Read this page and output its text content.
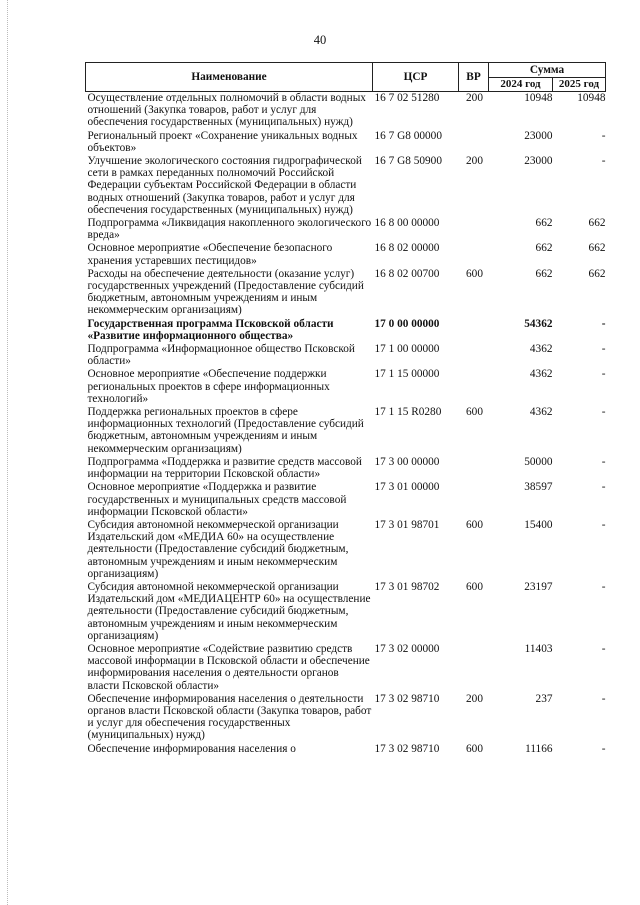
40
Наименование	ЦСР	ВР	Сумма	
			2024 год	2025 год
Осуществление отдельных полномочий в области водных отношений (Закупка товаров, работ и услуг для обеспечения государственных (муниципальных) нужд)	16 7 02 51280	200	10948	10948
Региональный проект «Сохранение уникальных водных объектов»	16 7 G8 00000		23000	-
Улучшение экологического состояния гидрографической сети в рамках переданных полномочий Российской Федерации субъектам Российской Федерации в области водных отношений (Закупка товаров, работ и услуг для обеспечения государственных (муниципальных) нужд)	16 7 G8 50900	200	23000	-
Подпрограмма «Ликвидация накопленного экологического вреда»	16 8 00 00000		662	662
Основное мероприятие «Обеспечение безопасного хранения устаревших пестицидов»	16 8 02 00000		662	662
Расходы на обеспечение деятельности (оказание услуг) государственных учреждений (Предоставление субсидий бюджетным, автономным учреждениям и иным некоммерческим организациям)	16 8 02 00700	600	662	662
Государственная программа Псковской области «Развитие информационного общества»	17 0 00 00000		54362	-
Подпрограмма «Информационное общество Псковской области»	17 1 00 00000		4362	-
Основное мероприятие «Обеспечение поддержки региональных проектов в сфере информационных технологий»	17 1 15 00000		4362	-
Поддержка региональных проектов в сфере информационных технологий (Предоставление субсидий бюджетным, автономным учреждениям и иным некоммерческим организациям)	17 1 15 R0280	600	4362	-
Подпрограмма «Поддержка и развитие средств массовой информации на территории Псковской области»	17 3 00 00000		50000	-
Основное мероприятие «Поддержка и развитие государственных и муниципальных средств массовой информации Псковской области»	17 3 01 00000		38597	-
Субсидия автономной некоммерческой организации Издательский дом «МЕДИА 60» на осуществление деятельности (Предоставление субсидий бюджетным, автономным учреждениям и иным некоммерческим организациям)	17 3 01 98701	600	15400	-
Субсидия автономной некоммерческой организации Издательский дом «МЕДИАЦЕНТР 60» на осуществление деятельности (Предоставление субсидий бюджетным, автономным учреждениям и иным некоммерческим организациям)	17 3 01 98702	600	23197	-
Основное мероприятие «Содействие развитию средств массовой информации в Псковской области и обеспечение информирования населения о деятельности органов власти Псковской области»	17 3 02 00000		11403	-
Обеспечение информирования населения о деятельности органов власти Псковской области (Закупка товаров, работ и услуг для обеспечения государственных (муниципальных) нужд)	17 3 02 98710	200	237	-
Обеспечение информирования населения о	17 3 02 98710	600	11166	-
